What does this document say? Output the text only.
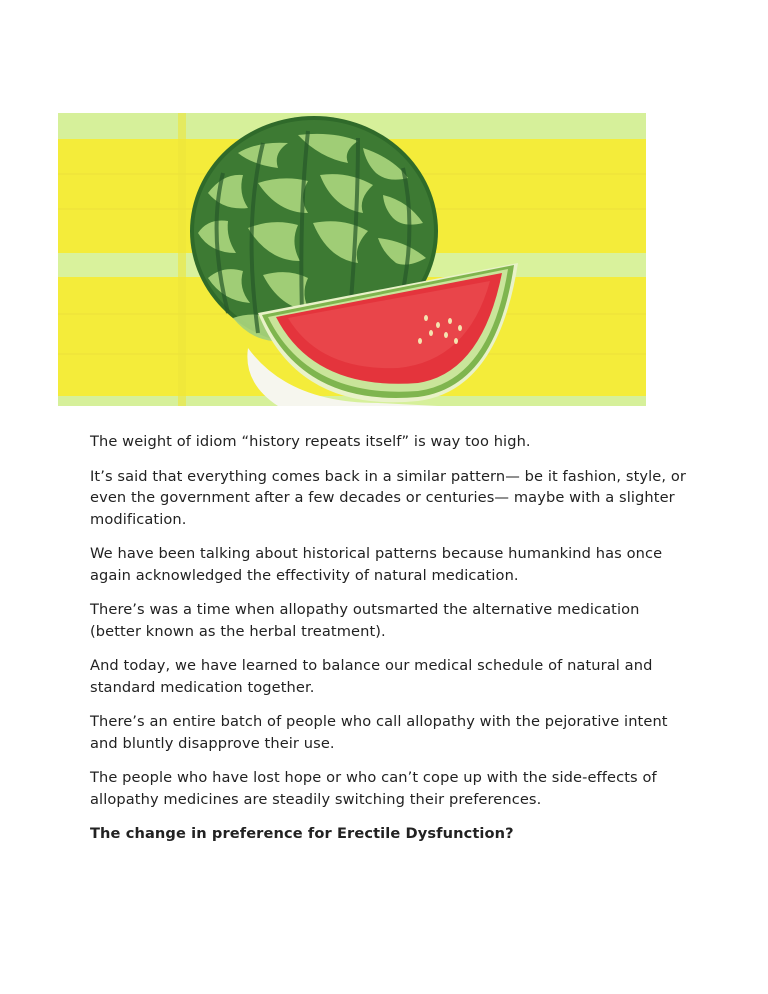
The weight of idiom “history repeats itself” is way too high.

It’s said that everything comes back in a similar pattern— be it fashion, style, or even the government after a few decades or centuries— maybe with a slighter modification.

We have been talking about historical patterns because humankind has once again acknowledged the effectivity of natural medication.

There’s was a time when allopathy outsmarted the alternative medication (better known as the herbal treatment).

And today, we have learned to balance our medical schedule of natural and standard medication together.

There’s an entire batch of people who call allopathy with the pejorative intent and bluntly disapprove their use.

The people who have lost hope or who can’t cope up with the side-effects of allopathy medicines are steadily switching their preferences.

The change in preference for Erectile Dysfunction?
